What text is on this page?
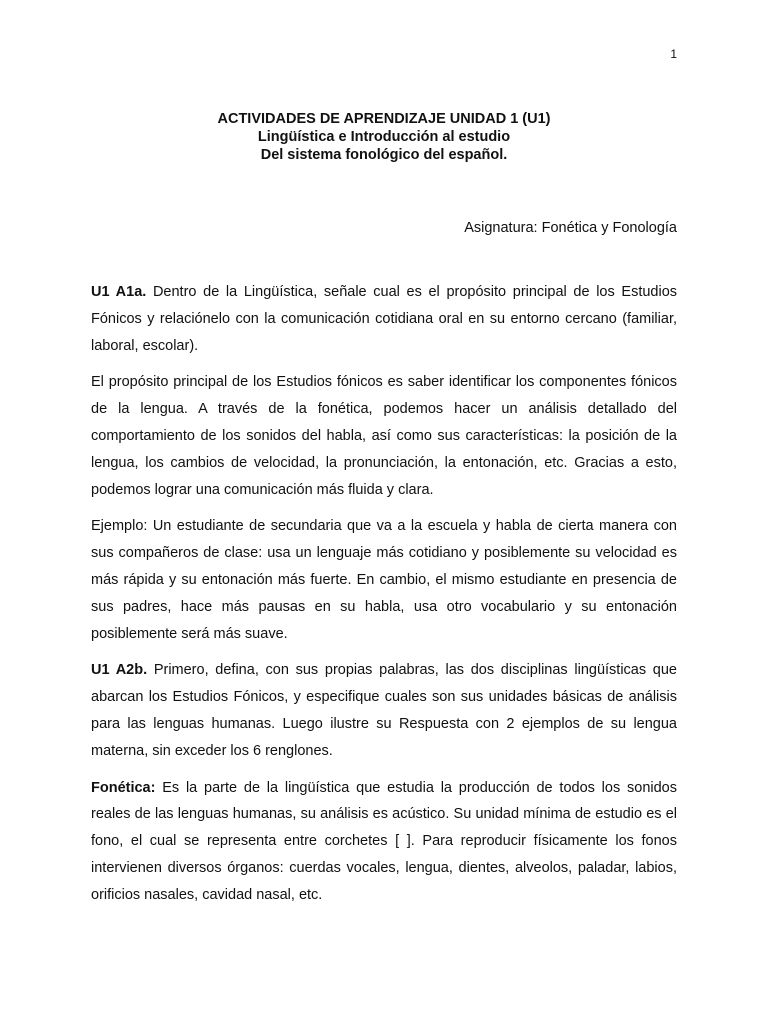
1
ACTIVIDADES DE APRENDIZAJE UNIDAD 1 (U1)
Lingüística e Introducción al estudio
Del sistema fonológico del español.
Asignatura: Fonética y Fonología

U1 A1a. Dentro de la Lingüística, señale cual es el propósito principal de los Estudios Fónicos y relaciónelo con la comunicación cotidiana oral en su entorno cercano (familiar, laboral, escolar).

El propósito principal de los Estudios fónicos es saber identificar los componentes fónicos de la lengua. A través de la fonética, podemos hacer un análisis detallado del comportamiento de los sonidos del habla, así como sus características: la posición de la lengua, los cambios de velocidad, la pronunciación, la entonación, etc. Gracias a esto, podemos lograr una comunicación más fluida y clara.

Ejemplo: Un estudiante de secundaria que va a la escuela y habla de cierta manera con sus compañeros de clase: usa un lenguaje más cotidiano y posiblemente su velocidad es más rápida y su entonación más fuerte. En cambio, el mismo estudiante en presencia de sus padres, hace más pausas en su habla, usa otro vocabulario y su entonación posiblemente será más suave.

U1 A2b. Primero, defina, con sus propias palabras, las dos disciplinas lingüísticas que abarcan los Estudios Fónicos, y especifique cuales son sus unidades básicas de análisis para las lenguas humanas. Luego ilustre su Respuesta con 2 ejemplos de su lengua materna, sin exceder los 6 renglones.

Fonética: Es la parte de la lingüística que estudia la producción de todos los sonidos reales de las lenguas humanas, su análisis es acústico. Su unidad mínima de estudio es el fono, el cual se representa entre corchetes [ ]. Para reproducir físicamente los fonos intervienen diversos órganos: cuerdas vocales, lengua, dientes, alveolos, paladar, labios, orificios nasales, cavidad nasal, etc.
